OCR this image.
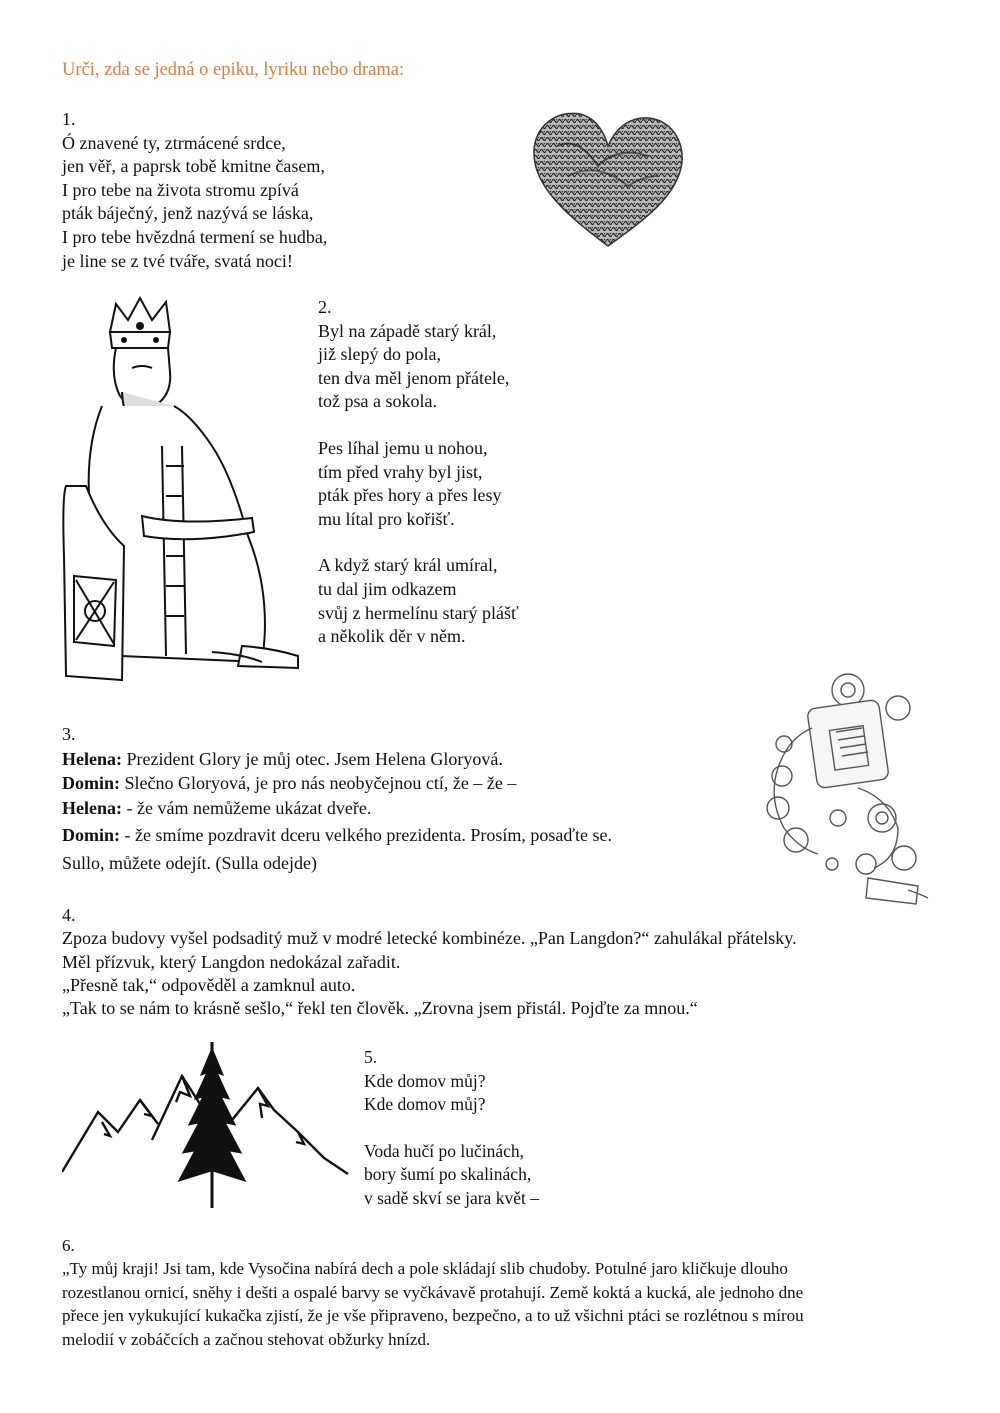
Urči, zda se jedná o epiku, lyriku nebo drama:
1.
Ó znavené ty, ztrmácené srdce,
jen věř, a paprsk tobě kmitne časem,
I pro tebe na života stromu zpívá
pták báječný, jenž nazývá se láska,
I pro tebe hvězdná termení se hudba,
je line se z tvé tváře, svatá noci!
2.
Byl na západě starý král,
již slepý do pola,
ten dva měl jenom přátele,
tož psa a sokola.
Pes líhal jemu u nohou,
tím před vrahy byl jist,
pták přes hory a přes lesy
mu lítal pro kořišť.
A když starý král umíral,
tu dal jim odkazem
svůj z hermelínu starý plášť
a několik děr v něm.
3.
Helena: Prezident Glory je můj otec. Jsem Helena Gloryová.
Domin: Slečno Gloryová, je pro nás neobyčejnou ctí, že – že –
Helena: - že vám nemůžeme ukázat dveře.
Domin: - že smíme pozdravit dceru velkého prezidenta. Prosím, posaďte se.
Sullo, můžete odejít. (Sulla odejde)
4.
Zpoza budovy vyšel podsaditý muž v modré letecké kombinéze. „Pan Langdon?“ zahulákal přátelsky.
Měl přízvuk, který Langdon nedokázal zařadit.
„Přesně tak,“ odpověděl a zamknul auto.
„Tak to se nám to krásně sešlo,“ řekl ten člověk. „Zrovna jsem přistál. Pojďte za mnou.“
5.
Kde domov můj?
Kde domov můj?
Voda hučí po lučinách,
bory šumí po skalinách,
v sadě skví se jara květ –
6.
„Ty můj kraji! Jsi tam, kde Vysočina nabírá dech a pole skládají slib chudoby. Potulné jaro kličkuje dlouho
rozestlanou ornicí, sněhy i dešti a ospalé barvy se vyčkávavě protahují. Země koktá a kucká, ale jednoho dne
přece jen vykukující kukačka zjistí, že je vše připraveno, bezpečno, a to už všichni ptáci se rozlétnou s mírou
melodií v zobáčcích a začnou stehovat obžurky hnízd.
